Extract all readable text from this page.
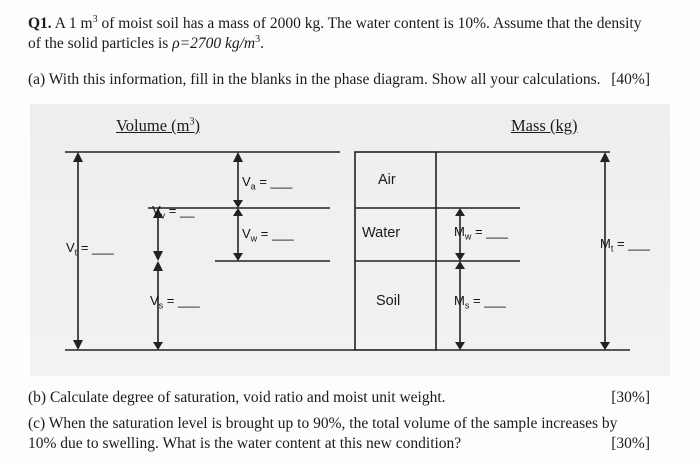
Q1. A 1 $m^3$ of moist soil has a mass of 2000 kg. The water content is 10%. Assume that the density
of the solid particles is ρ=2700 $kg/m^3$.
(a) With this information, fill in the blanks in the phase diagram. Show all your calculations. [40%]
Volume $(m^3)$	Mass (kg)
Air
Water
Soil
$V_a$ = ___
$V_v$ = __
$V_w$ = ___
$V_t$ = ___
$V_s$ = ___
$M_w$ = ___
$M_s$ = ___
$M_t$ = ___
(b) Calculate degree of saturation, void ratio and moist unit weight.	[30%]
(c) When the saturation level is brought up to 90%, the total volume of the sample increases by
10% due to swelling. What is the water content at this new condition?	[30%]
